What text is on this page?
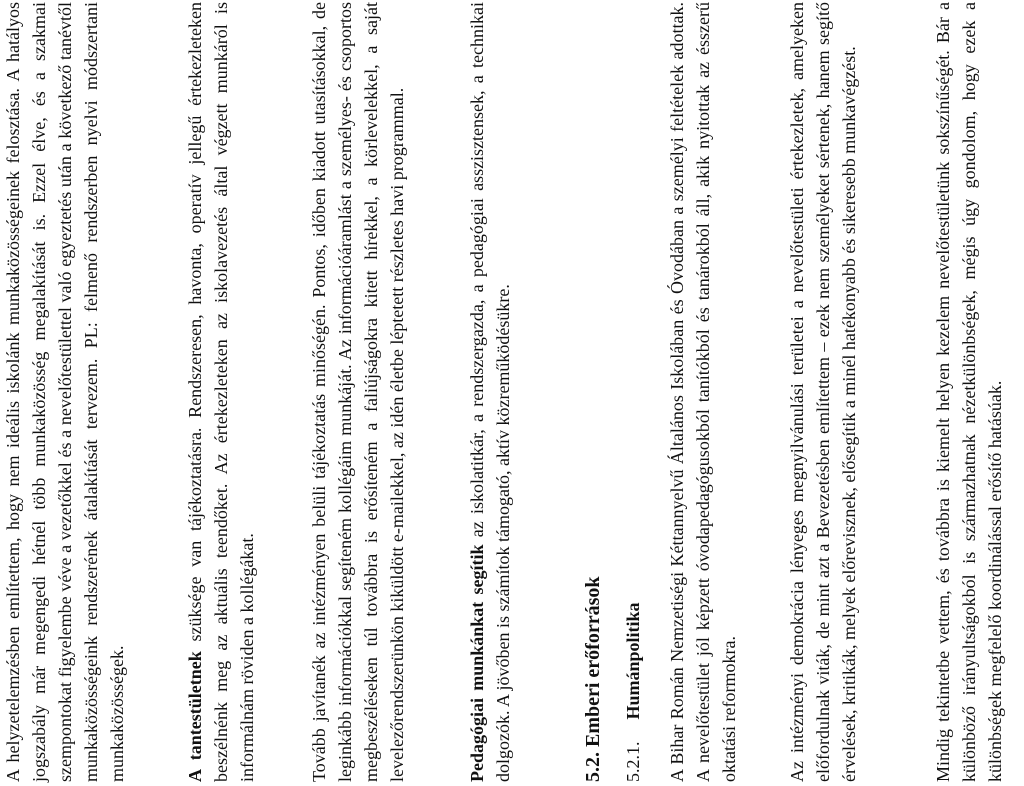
A helyzetelemzésben említettem, hogy nem ideális iskolánk munkaközösségeinek felosztása. A hatályos jogszabály már megengedi hétnél több munkaközösség megalakítását is. Ezzel élve, és a szakmai szempontokat figyelembe véve a vezetőkkel és a nevelőtestülettel való egyeztetés után a következő tanévtől munkaközösségeink rendszerének átalakítását tervezem. PL: felmenő rendszerben nyelvi módszertani munkaközösségek.	A tantestületnek szüksége van tájékoztatásra. Rendszeresen, havonta, operatív jellegű értekezleteken beszélnénk meg az aktuális teendőket. Az értekezleteken az iskolavezetés által végzett munkáról is informálnám röviden a kollégákat.	Tovább javítanék az intézményen belüli tájékoztatás minőségén. Pontos, időben kiadott utasításokkal, de leginkább információkkal segíteném kollégáim munkáját. Az információáramlást a személyes- és csoportos megbeszéléseken túl továbbra is erősíteném a faliújságokra kitett hírekkel, a körlevelekkel, a saját levelezőrendszerünkön kiküldött e-mailekkel, az idén életbe léptetett részletes havi programmal.	Pedagógiai munkánkat segítik az iskolatitkár, a rendszergazda, a pedagógiai asszisztensek, a technikai dolgozók. A jövőben is számítok támogató, aktív közreműködésükre.	5.2. Emberi erőforrások

5.2.1.Humánpolitika A Bihar Román Nemzetiségi Kéttannyelvű Általános Iskolában és Óvodában a személyi feltételek adottak. A nevelőtestület jól képzett óvodapedagógusokból tanítókból és tanárokból áll, akik nyitottak az ésszerű oktatási reformokra.	Az intézményi demokrácia lényeges megnyilvánulási területei a nevelőtestületi értekezletek, amelyeken előfordulnak viták, de mint azt a Bevezetésben említettem – ezek nem személyeket sértenek, hanem segítő érvelések, kritikák, melyek előrevisznek, elősegítik a minél hatékonyabb és sikeresebb munkavégzést.	Mindig tekintetbe vettem, és továbbra is kiemelt helyen kezelem nevelőtestületünk sokszínűségét. Bár a különböző irányultságokból is származhatnak nézetkülönbségek, mégis úgy gondolom, hogy ezek a különbségek megfelelő koordinálással erősítő hatásúak.
